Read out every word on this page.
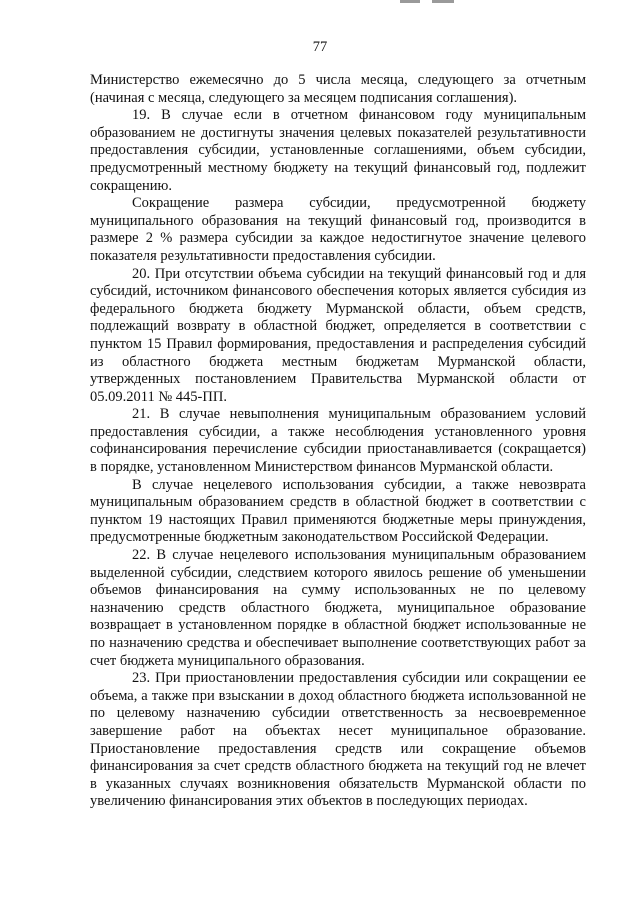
77

Министерство ежемесячно до 5 числа месяца, следующего за отчетным (начиная с месяца, следующего за месяцем подписания соглашения).

19. В случае если в отчетном финансовом году муниципальным образованием не достигнуты значения целевых показателей результативности предоставления субсидии, установленные соглашениями, объем субсидии, предусмотренный местному бюджету на текущий финансовый год, подлежит сокращению.

Сокращение размера субсидии, предусмотренной бюджету муниципального образования на текущий финансовый год, производится в размере 2 % размера субсидии за каждое недостигнутое значение целевого показателя результативности предоставления субсидии.

20. При отсутствии объема субсидии на текущий финансовый год и для субсидий, источником финансового обеспечения которых является субсидия из федерального бюджета бюджету Мурманской области, объем средств, подлежащий возврату в областной бюджет, определяется в соответствии с пунктом 15 Правил формирования, предоставления и распределения субсидий из областного бюджета местным бюджетам Мурманской области, утвержденных постановлением Правительства Мурманской области от 05.09.2011 № 445-ПП.

21. В случае невыполнения муниципальным образованием условий предоставления субсидии, а также несоблюдения установленного уровня софинансирования перечисление субсидии приостанавливается (сокращается) в порядке, установленном Министерством финансов Мурманской области.

В случае нецелевого использования субсидии, а также невозврата муниципальным образованием средств в областной бюджет в соответствии с пунктом 19 настоящих Правил применяются бюджетные меры принуждения, предусмотренные бюджетным законодательством Российской Федерации.

22. В случае нецелевого использования муниципальным образованием выделенной субсидии, следствием которого явилось решение об уменьшении объемов финансирования на сумму использованных не по целевому назначению средств областного бюджета, муниципальное образование возвращает в установленном порядке в областной бюджет использованные не по назначению средства и обеспечивает выполнение соответствующих работ за счет бюджета муниципального образования.

23. При приостановлении предоставления субсидии или сокращении ее объема, а также при взыскании в доход областного бюджета использованной не по целевому назначению субсидии ответственность за несвоевременное завершение работ на объектах несет муниципальное образование. Приостановление предоставления средств или сокращение объемов финансирования за счет средств областного бюджета на текущий год не влечет в указанных случаях возникновения обязательств Мурманской области по увеличению финансирования этих объектов в последующих периодах.
